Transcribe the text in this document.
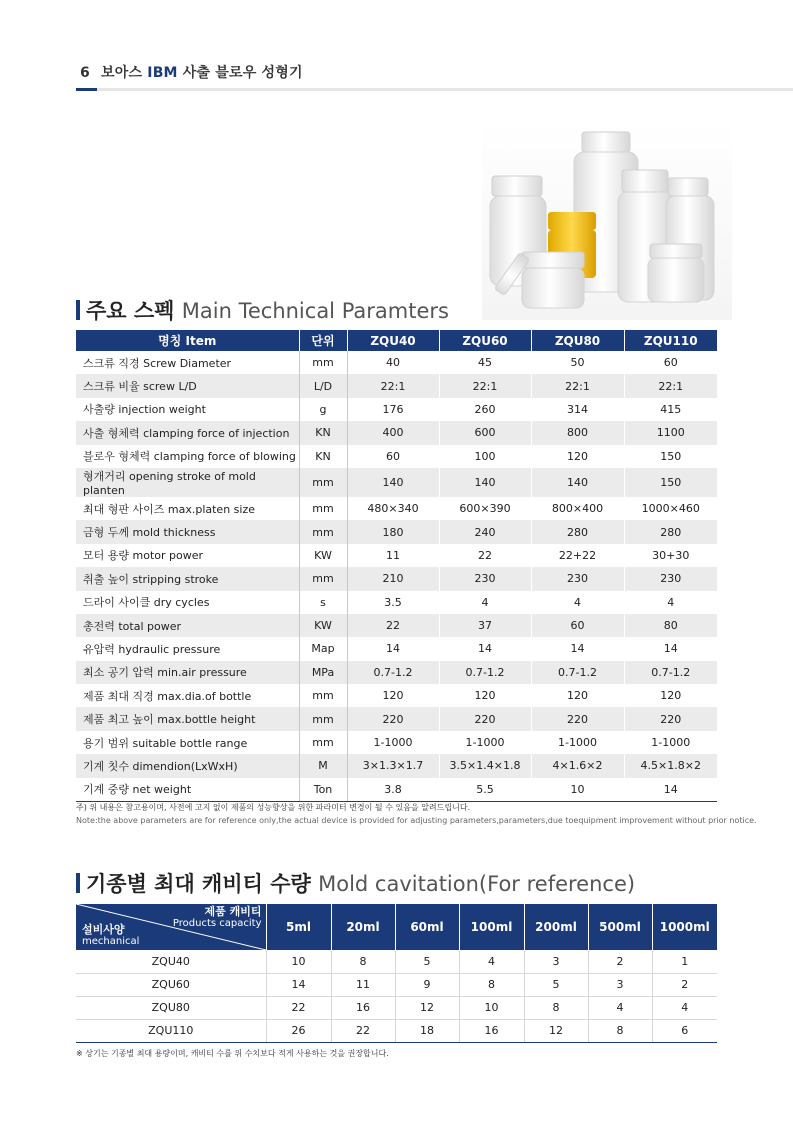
6 보아스 IBM 사출 블로우 성형기
주요 스펙 Main Technical Paramters
명칭 Item	단위	ZQU40	ZQU60	ZQU80	ZQU110
스크류 직경 Screw Diameter	mm	40	45	50	60
스크류 비율 screw L/D	L/D	22:1	22:1	22:1	22:1
사출량 injection weight	g	176	260	314	415
사출 형체력 clamping force of injection	KN	400	600	800	1100
블로우 형체력 clamping force of blowing	KN	60	100	120	150
형개거리 opening stroke of mold planten	mm	140	140	140	150
최대 형판 사이즈 max.platen size	mm	480×340	600×390	800×400	1000×460
금형 두께 mold thickness	mm	180	240	280	280
모터 용량 motor power	KW	11	22	22+22	30+30
취출 높이 stripping stroke	mm	210	230	230	230
드라이 사이클 dry cycles	s	3.5	4	4	4
총전력 total power	KW	22	37	60	80
유압력 hydraulic pressure	Map	14	14	14	14
최소 공기 압력 min.air pressure	MPa	0.7-1.2	0.7-1.2	0.7-1.2	0.7-1.2
제품 최대 직경 max.dia.of bottle	mm	120	120	120	120
제품 최고 높이 max.bottle height	mm	220	220	220	220
용기 범위 suitable bottle range	mm	1-1000	1-1000	1-1000	1-1000
기계 칫수 dimendion(LxWxH)	M	3×1.3×1.7	3.5×1.4×1.8	4×1.6×2	4.5×1.8×2
기계 중량 net weight	Ton	3.8	5.5	10	14
주) 위 내용은 참고용이며, 사전에 고지 없이 제품의 성능향상을 위한 파라미터 변경이 될 수 있음을 알려드립니다.
Note:the above parameters are for reference only,the actual device is provided for adjusting parameters,parameters,due toequipment improvement without prior notice.
기종별 최대 캐비티 수량 Mold cavitation(For reference)
제품 캐비티
Products capacity
설비사양
mechanical	5ml	20ml	60ml	100ml	200ml	500ml	1000ml
ZQU40	10	8	5	4	3	2	1
ZQU60	14	11	9	8	5	3	2
ZQU80	22	16	12	10	8	4	4
ZQU110	26	22	18	16	12	8	6
※ 상기는 기종별 최대 용량이며, 캐비티 수를 위 수치보다 적게 사용하는 것을 권장합니다.
